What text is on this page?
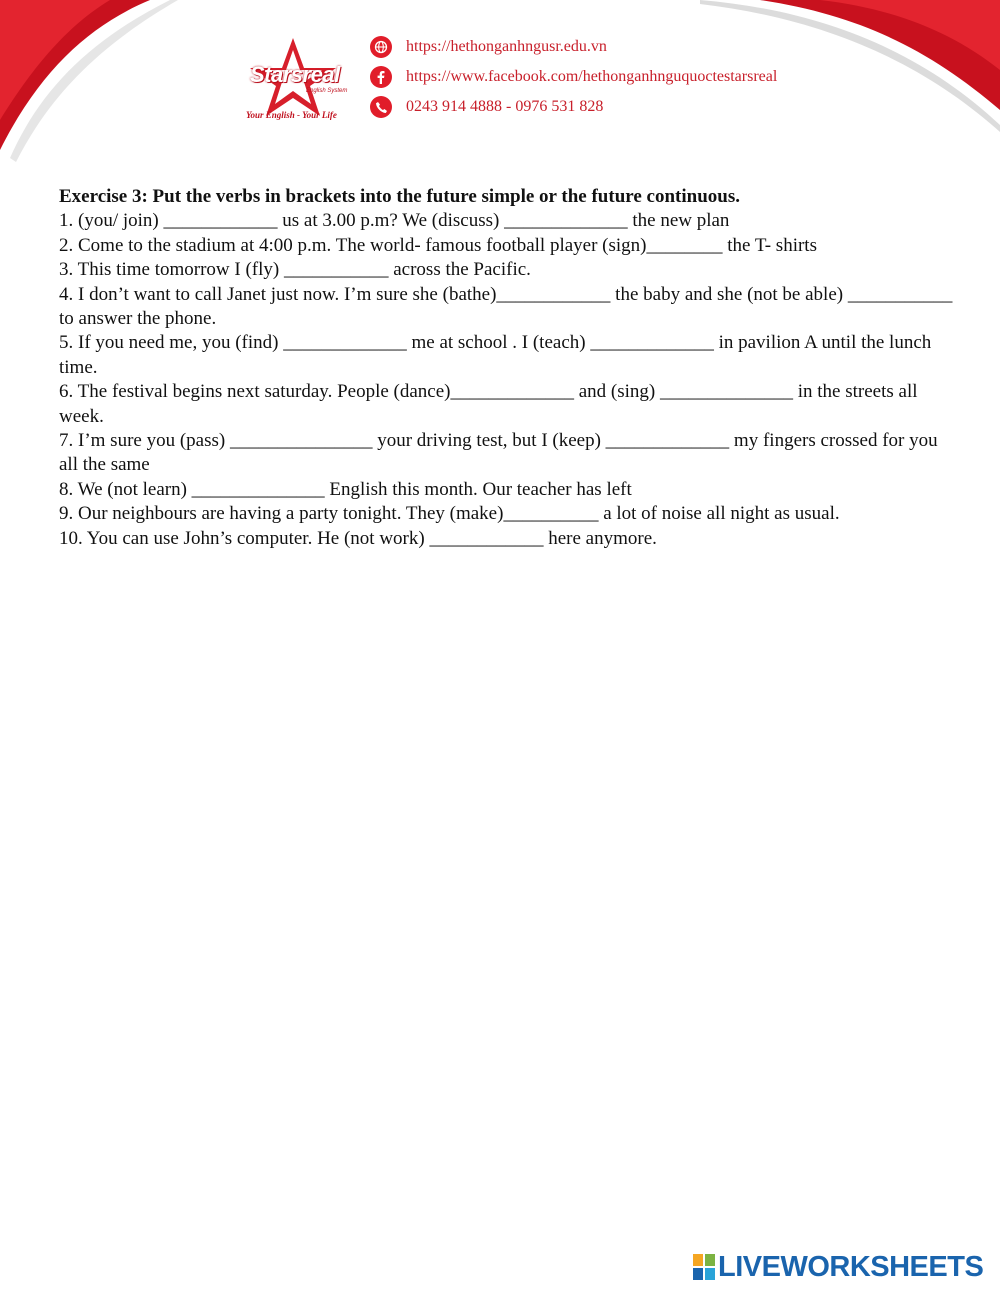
Starsreal
English System
Your English - Your Life
https://hethonganhngusr.edu.vn
https://www.facebook.com/hethonganhnguquoctestarsreal
0243 914 4888 - 0976 531 828
Exercise 3: Put the verbs in brackets into the future simple or the future continuous.
1. (you/ join) ____________ us at 3.00 p.m? We (discuss) _____________ the new plan
2. Come to the stadium at 4:00 p.m. The world- famous football player (sign)________ the T- shirts
3. This time tomorrow I (fly) ___________ across the Pacific.
4. I don’t want to call Janet just now. I’m sure she (bathe)____________ the baby and she (not be able) ___________ to answer the phone.
5. If you need me, you (find) _____________ me at school . I (teach) _____________ in pavilion A until the lunch time.
6. The festival begins next saturday. People (dance)_____________ and (sing) ______________ in the streets all week.
7. I’m sure you (pass) _______________ your driving test, but I (keep) _____________ my fingers crossed for you all the same
8. We (not learn) ______________ English this month. Our teacher has left
9. Our neighbours are having a party tonight. They (make)__________ a lot of noise all night as usual.
10. You can use John’s computer. He (not work) ____________ here anymore.
LIVEWORKSHEETS
